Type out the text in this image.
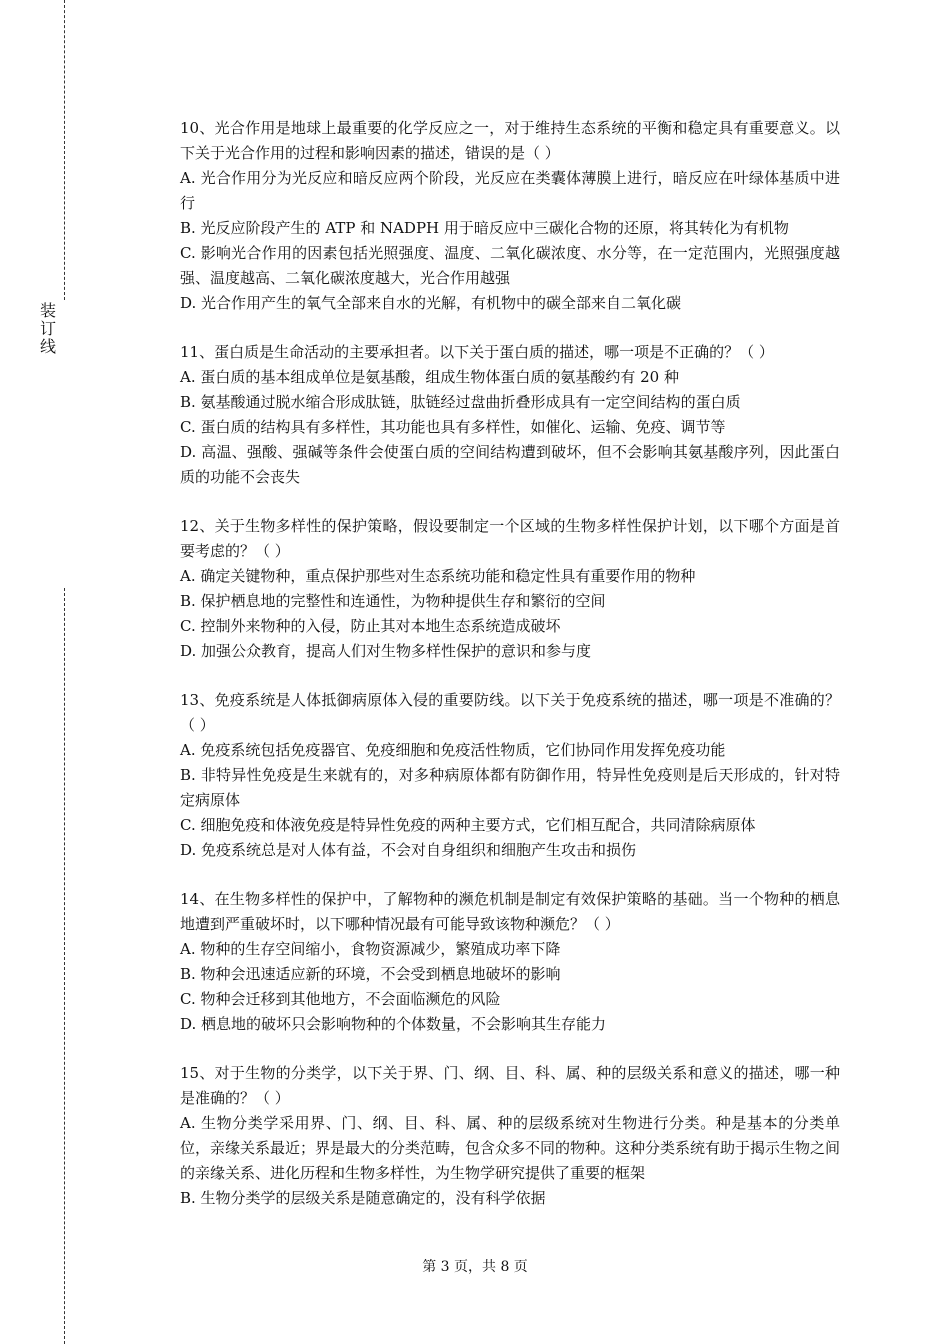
装
订
线

10、光合作用是地球上最重要的化学反应之一，对于维持生态系统的平衡和稳定具有重要意义。以下关于光合作用的过程和影响因素的描述，错误的是（ ）

A. 光合作用分为光反应和暗反应两个阶段，光反应在类囊体薄膜上进行，暗反应在叶绿体基质中进行

B. 光反应阶段产生的 ATP 和 NADPH 用于暗反应中三碳化合物的还原，将其转化为有机物

C. 影响光合作用的因素包括光照强度、温度、二氧化碳浓度、水分等，在一定范围内，光照强度越强、温度越高、二氧化碳浓度越大，光合作用越强

D. 光合作用产生的氧气全部来自水的光解，有机物中的碳全部来自二氧化碳

11、蛋白质是生命活动的主要承担者。以下关于蛋白质的描述，哪一项是不正确的？（ ）

A. 蛋白质的基本组成单位是氨基酸，组成生物体蛋白质的氨基酸约有 20 种

B. 氨基酸通过脱水缩合形成肽链，肽链经过盘曲折叠形成具有一定空间结构的蛋白质

C. 蛋白质的结构具有多样性，其功能也具有多样性，如催化、运输、免疫、调节等

D. 高温、强酸、强碱等条件会使蛋白质的空间结构遭到破坏，但不会影响其氨基酸序列，因此蛋白质的功能不会丧失

12、关于生物多样性的保护策略，假设要制定一个区域的生物多样性保护计划，以下哪个方面是首要考虑的？（ ）

A. 确定关键物种，重点保护那些对生态系统功能和稳定性具有重要作用的物种

B. 保护栖息地的完整性和连通性，为物种提供生存和繁衍的空间

C. 控制外来物种的入侵，防止其对本地生态系统造成破坏

D. 加强公众教育，提高人们对生物多样性保护的意识和参与度

13、免疫系统是人体抵御病原体入侵的重要防线。以下关于免疫系统的描述，哪一项是不准确的？（ ）

A. 免疫系统包括免疫器官、免疫细胞和免疫活性物质，它们协同作用发挥免疫功能

B. 非特异性免疫是生来就有的，对多种病原体都有防御作用，特异性免疫则是后天形成的，针对特定病原体

C. 细胞免疫和体液免疫是特异性免疫的两种主要方式，它们相互配合，共同清除病原体

D. 免疫系统总是对人体有益，不会对自身组织和细胞产生攻击和损伤

14、在生物多样性的保护中，了解物种的濒危机制是制定有效保护策略的基础。当一个物种的栖息地遭到严重破坏时，以下哪种情况最有可能导致该物种濒危？（ ）

A. 物种的生存空间缩小，食物资源减少，繁殖成功率下降

B. 物种会迅速适应新的环境，不会受到栖息地破坏的影响

C. 物种会迁移到其他地方，不会面临濒危的风险

D. 栖息地的破坏只会影响物种的个体数量，不会影响其生存能力

15、对于生物的分类学，以下关于界、门、纲、目、科、属、种的层级关系和意义的描述，哪一种是准确的？（ ）

A. 生物分类学采用界、门、纲、目、科、属、种的层级系统对生物进行分类。种是基本的分类单位，亲缘关系最近；界是最大的分类范畴，包含众多不同的物种。这种分类系统有助于揭示生物之间的亲缘关系、进化历程和生物多样性，为生物学研究提供了重要的框架

B. 生物分类学的层级关系是随意确定的，没有科学依据

第 3 页，共 8 页
